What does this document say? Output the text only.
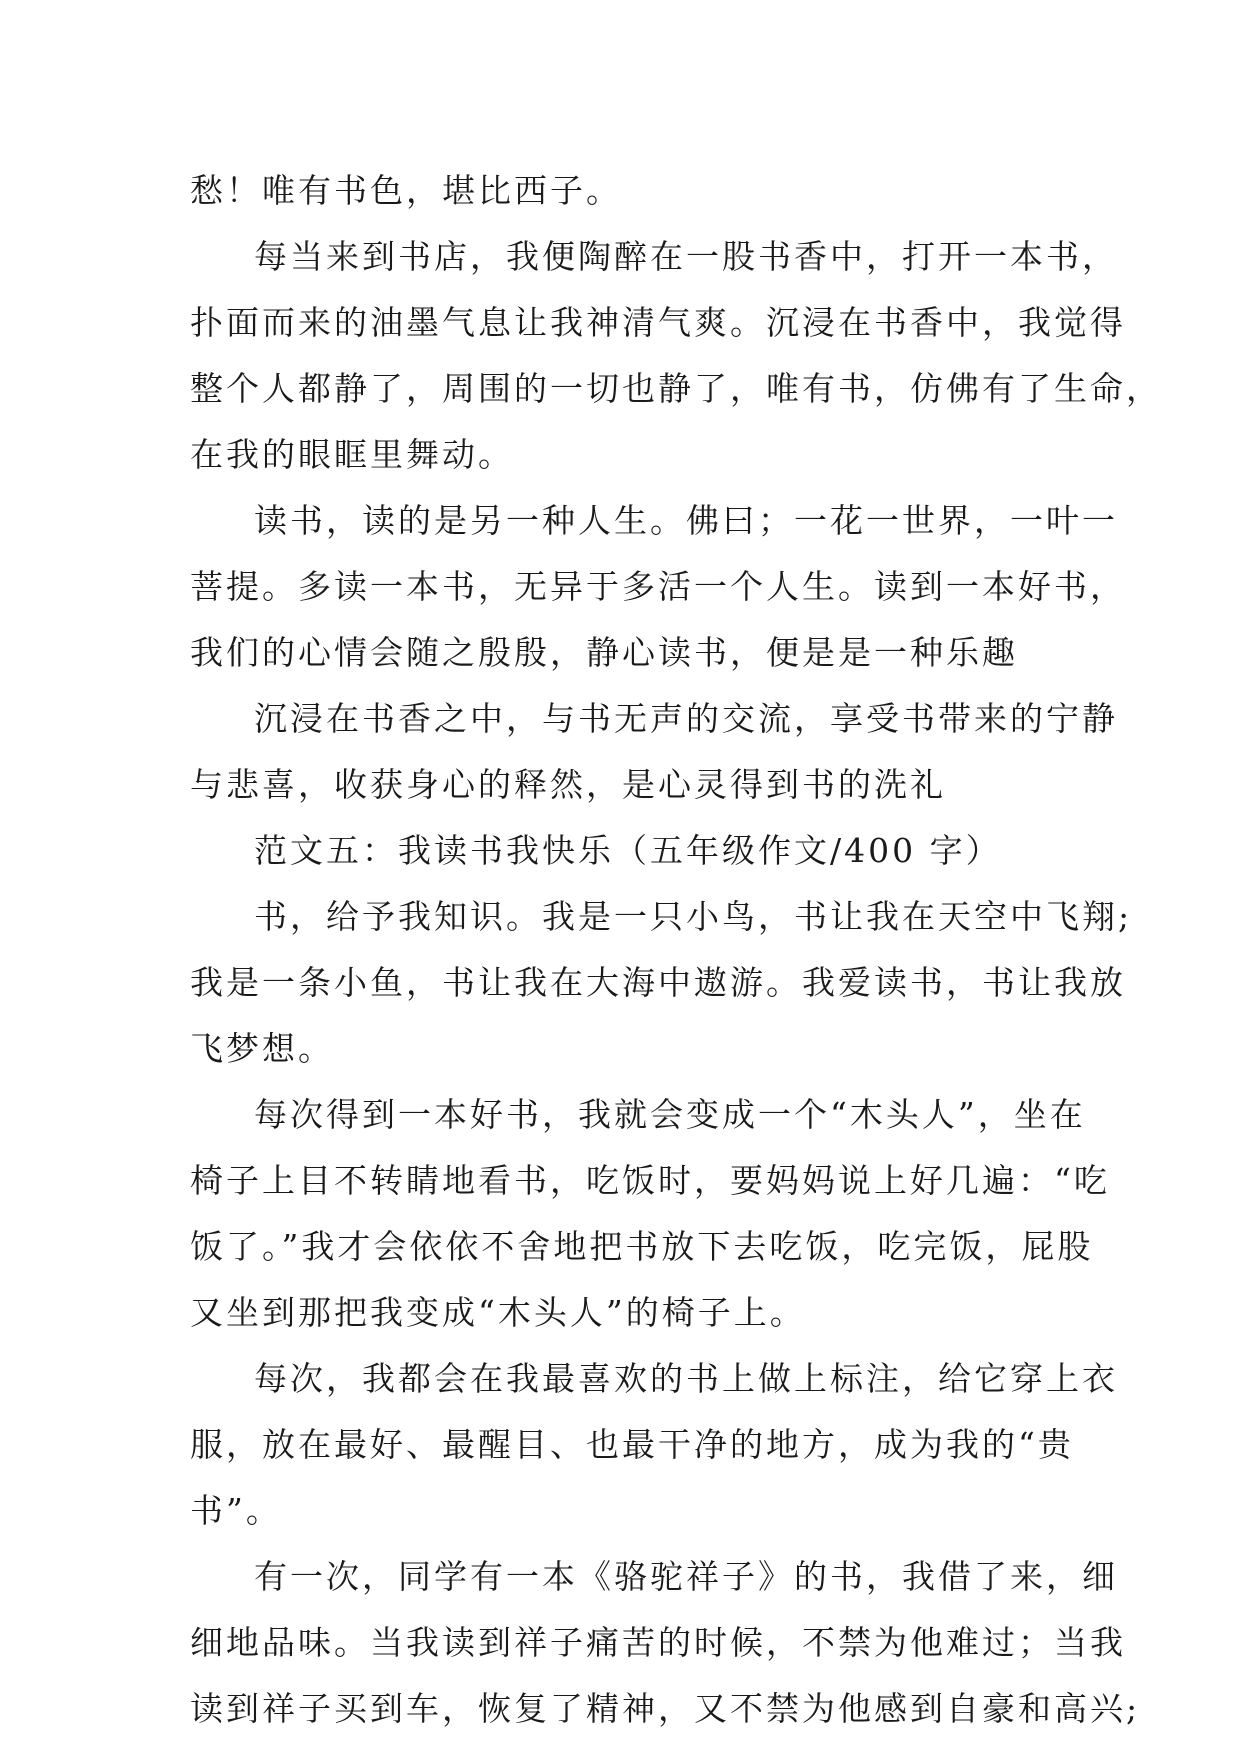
愁！唯有书色，堪比西子。
每当来到书店，我便陶醉在一股书香中，打开一本书，
扑面而来的油墨气息让我神清气爽。沉浸在书香中，我觉得
整个人都静了，周围的一切也静了，唯有书，仿佛有了生命，
在我的眼眶里舞动。
读书，读的是另一种人生。佛曰；一花一世界，一叶一
菩提。多读一本书，无异于多活一个人生。读到一本好书，
我们的心情会随之殷殷，静心读书，便是是一种乐趣
沉浸在书香之中，与书无声的交流，享受书带来的宁静
与悲喜，收获身心的释然，是心灵得到书的洗礼
范文五：我读书我快乐（五年级作文/400 字）
书，给予我知识。我是一只小鸟，书让我在天空中飞翔;
我是一条小鱼，书让我在大海中遨游。我爱读书，书让我放
飞梦想。
每次得到一本好书，我就会变成一个“木头人”，坐在
椅子上目不转睛地看书，吃饭时，要妈妈说上好几遍：“吃
饭了。”我才会依依不舍地把书放下去吃饭，吃完饭，屁股
又坐到那把我变成“木头人”的椅子上。
每次，我都会在我最喜欢的书上做上标注，给它穿上衣
服，放在最好、最醒目、也最干净的地方，成为我的“贵
书”。
有一次，同学有一本《骆驼祥子》的书，我借了来，细
细地品味。当我读到祥子痛苦的时候，不禁为他难过；当我
读到祥子买到车，恢复了精神，又不禁为他感到自豪和高兴;
